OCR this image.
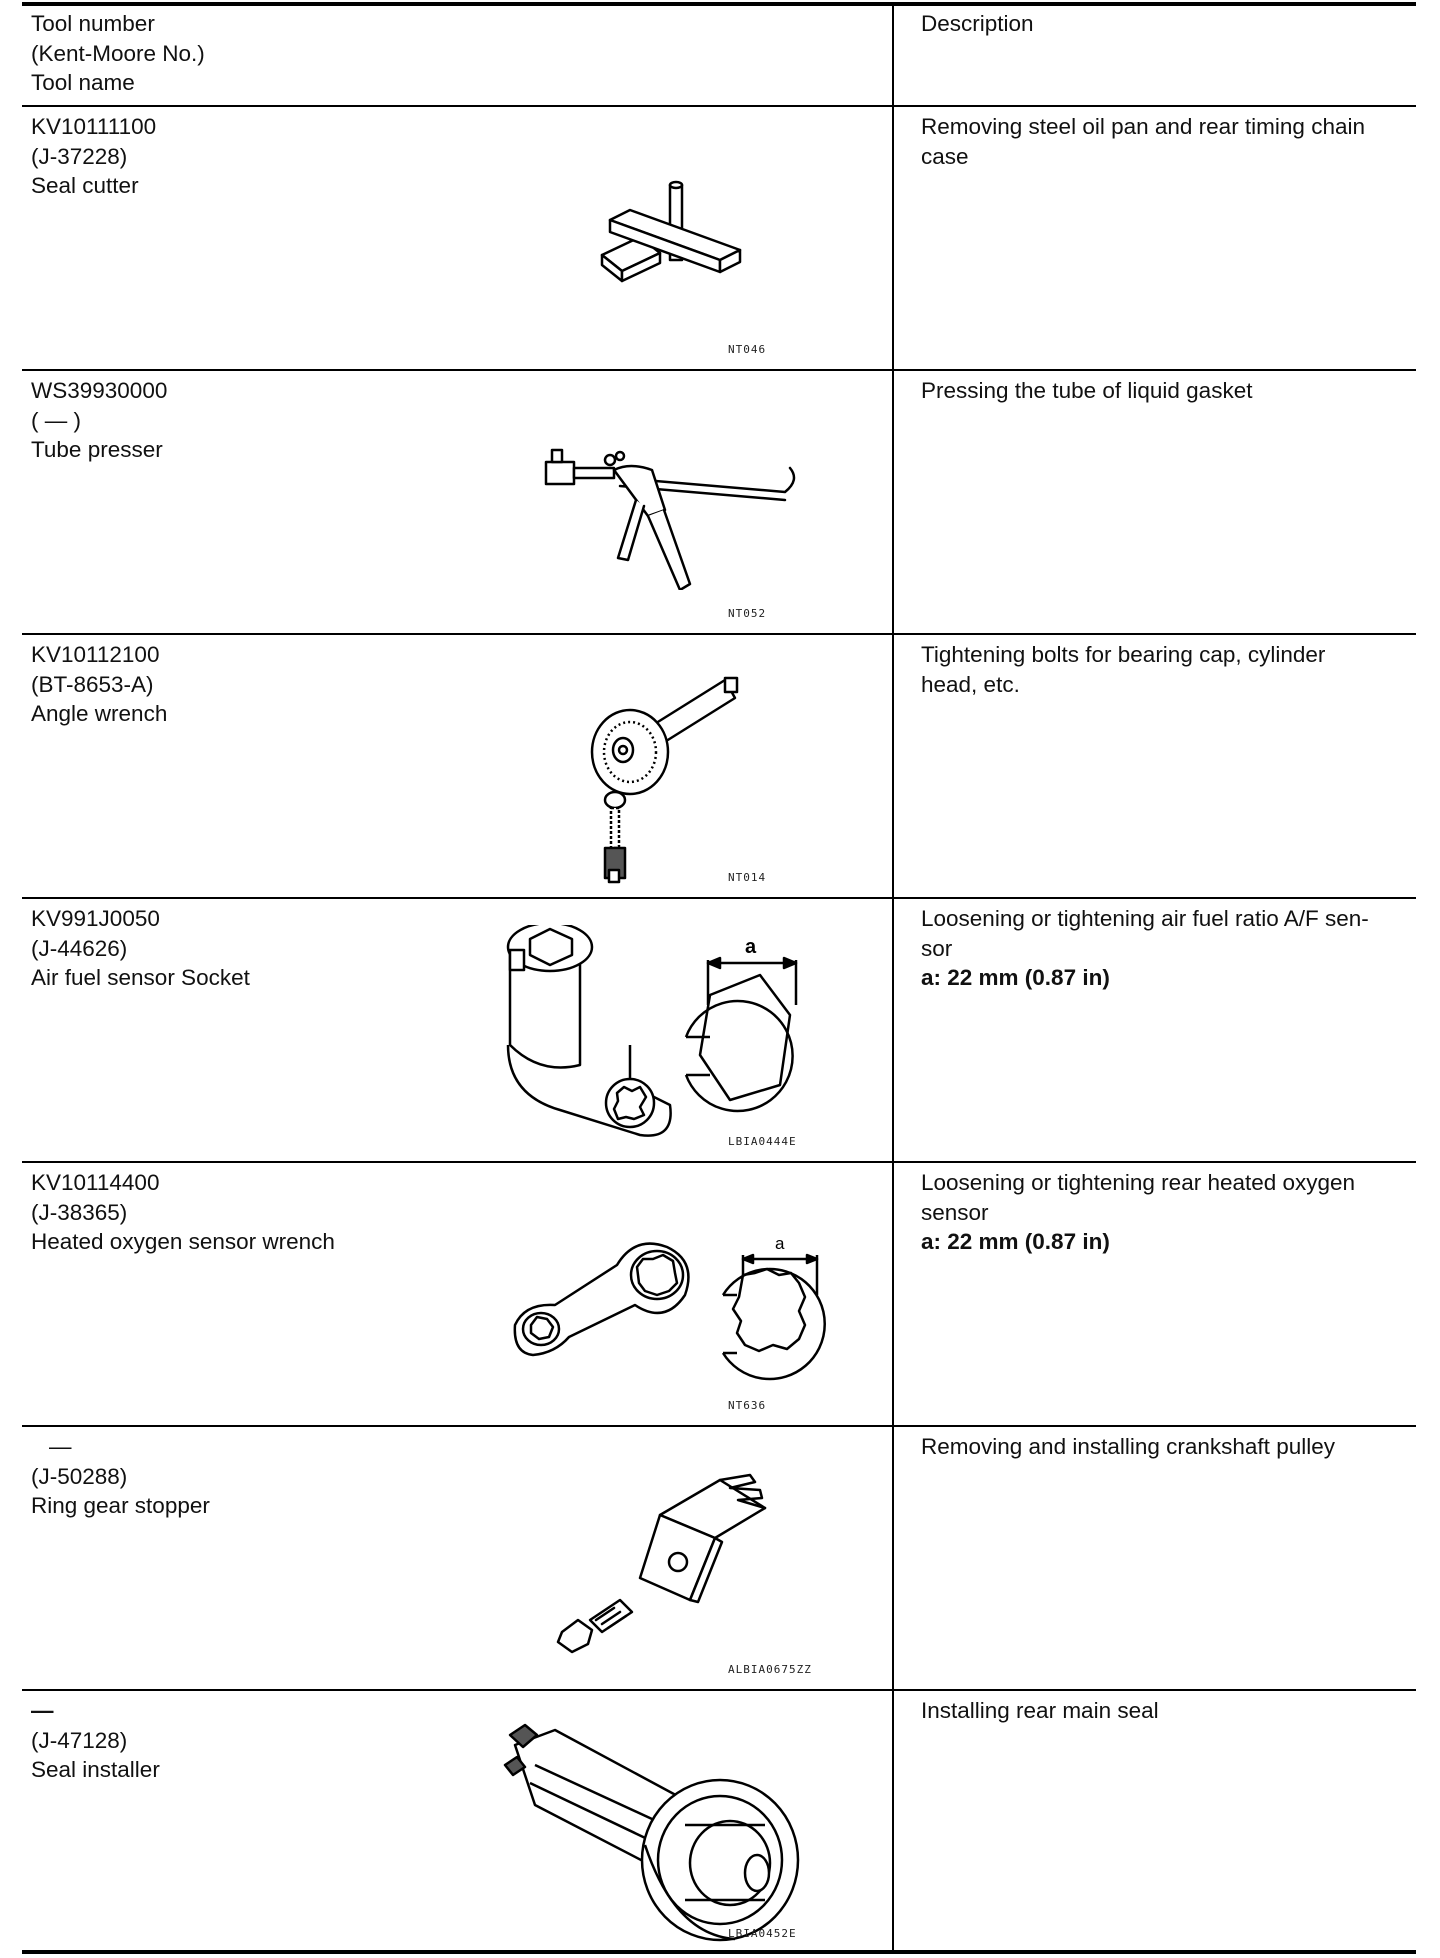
Tool number
(Kent-Moore No.)
Tool name
Description
KV10111100
(J-37228)
Seal cutter
Removing steel oil pan and rear timing chain
case
NT046
WS39930000
( — )
Tube presser
Pressing the tube of liquid gasket
NT052
KV10112100
(BT-8653-A)
Angle wrench
Tightening bolts for bearing cap, cylinder
head, etc.
NT014
KV991J0050
(J-44626)
Air fuel sensor Socket
Loosening or tightening air fuel ratio A/F sen-
sor
a: 22 mm (0.87 in)
a
LBIA0444E
KV10114400
(J-38365)
Heated oxygen sensor wrench
Loosening or tightening rear heated oxygen
sensor
a: 22 mm (0.87 in)
a
NT636
—
(J-50288)
Ring gear stopper
Removing and installing crankshaft pulley
ALBIA0675ZZ
—
(J-47128)
Seal installer
Installing rear main seal
LBIA0452E
